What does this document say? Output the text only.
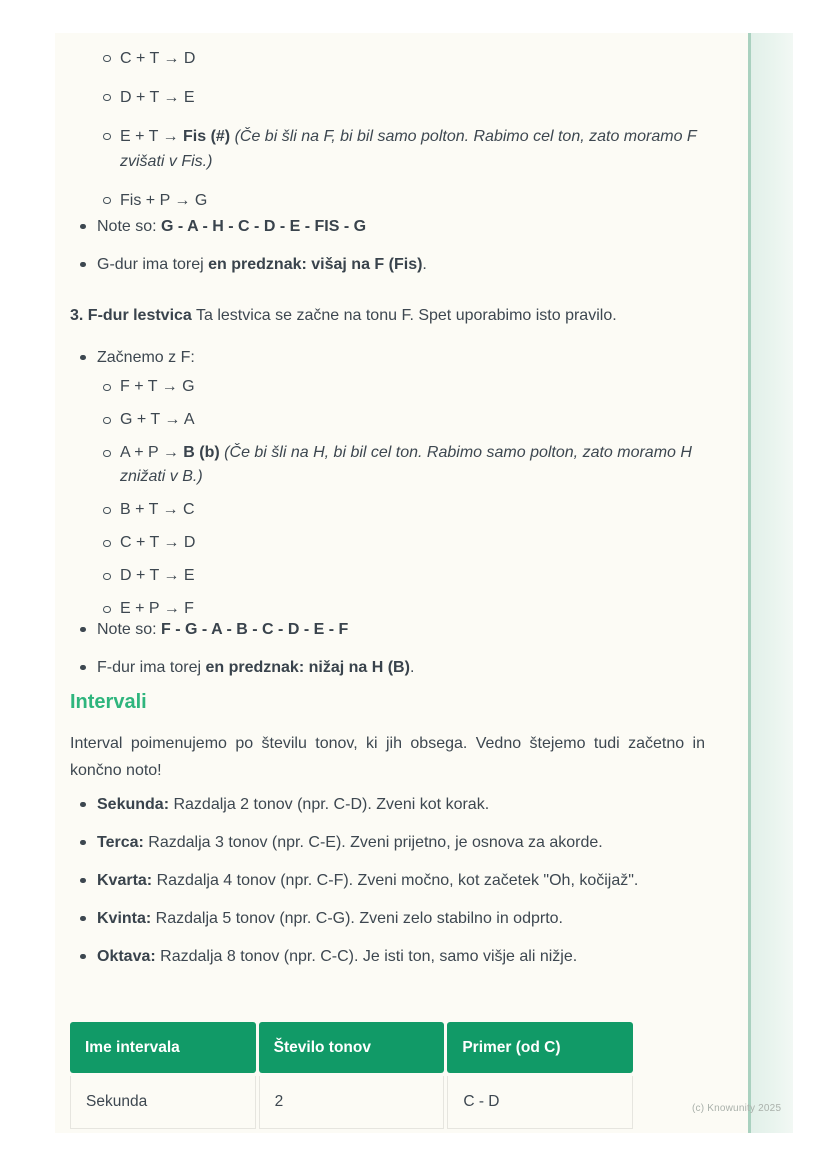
C + T → D
D + T → E
E + T → Fis (#) (Če bi šli na F, bi bil samo polton. Rabimo cel ton, zato moramo F zvišati v Fis.)
Fis + P → G
Note so: G - A - H - C - D - E - FIS - G
G-dur ima torej en predznak: višaj na F (Fis).

3. F-dur lestvica Ta lestvica se začne na tonu F. Spet uporabimo isto pravilo.

Začnemo z F:
F + T → G
G + T → A
A + P → B (b) (Če bi šli na H, bi bil cel ton. Rabimo samo polton, zato moramo H znižati v B.)
B + T → C
C + T → D
D + T → E
E + P → F
Note so: F - G - A - B - C - D - E - F
F-dur ima torej en predznak: nižaj na H (B).
Intervali

Interval poimenujemo po številu tonov, ki jih obsega. Vedno štejemo tudi začetno in končno noto!

Sekunda: Razdalja 2 tonov (npr. C-D). Zveni kot korak.
Terca: Razdalja 3 tonov (npr. C-E). Zveni prijetno, je osnova za akorde.
Kvarta: Razdalja 4 tonov (npr. C-F). Zveni močno, kot začetek "Oh, kočijaž".
Kvinta: Razdalja 5 tonov (npr. C-G). Zveni zelo stabilno in odprto.
Oktava: Razdalja 8 tonov (npr. C-C). Je isti ton, samo višje ali nižje.
Ime intervala	Število tonov	Primer (od C)
Sekunda	2	C - D	(c) Knowunity 2025
